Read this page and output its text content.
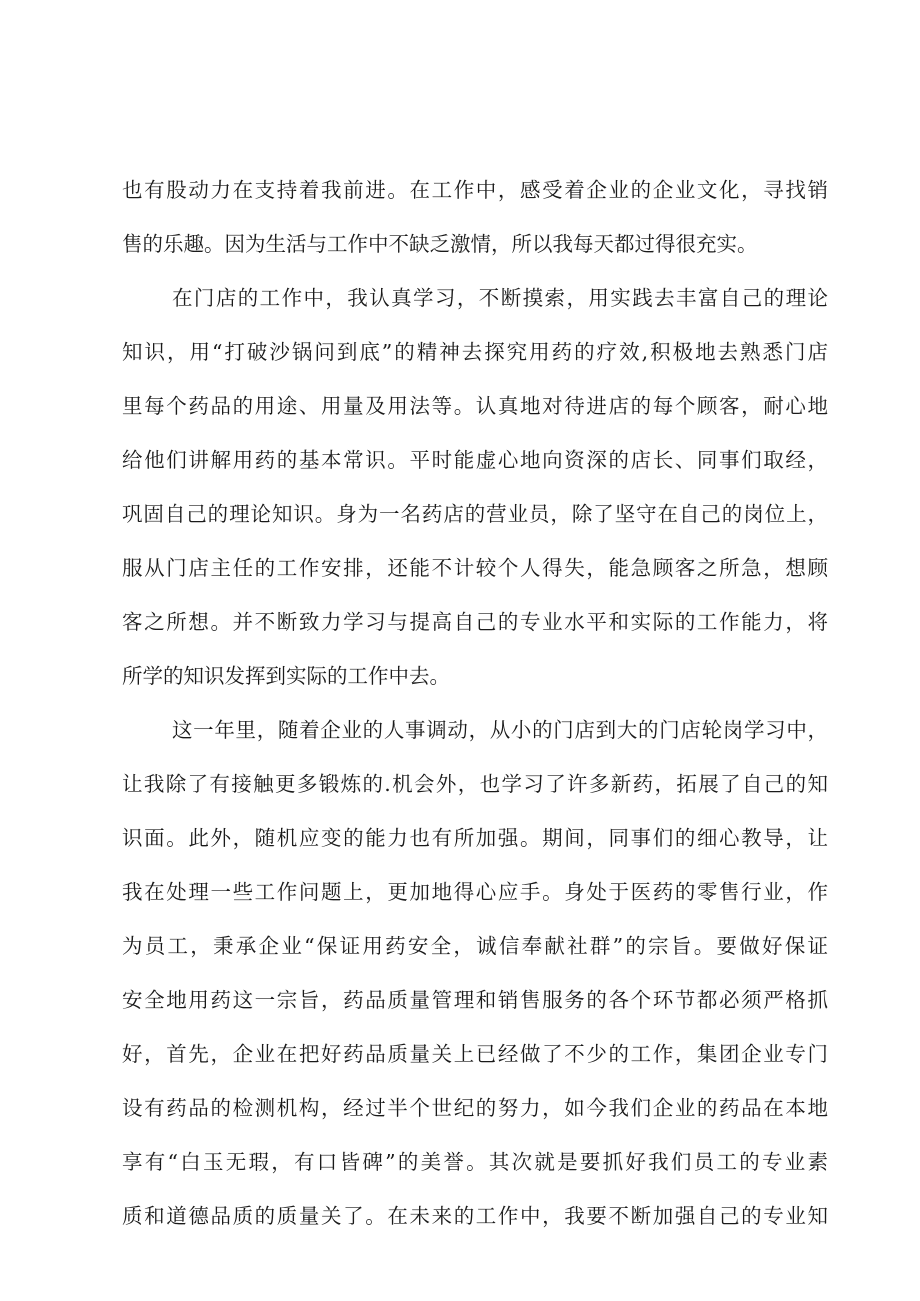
也有股动力在支持着我前进。在工作中，感受着企业的企业文化，寻找销
售的乐趣。因为生活与工作中不缺乏激情，所以我每天都过得很充实。
在门店的工作中，我认真学习，不断摸索，用实践去丰富自己的理论
知识，用“打破沙锅问到底”的精神去探究用药的疗效,积极地去熟悉门店
里每个药品的用途、用量及用法等。认真地对待进店的每个顾客，耐心地
给他们讲解用药的基本常识。平时能虚心地向资深的店长、同事们取经，
巩固自己的理论知识。身为一名药店的营业员，除了坚守在自己的岗位上，
服从门店主任的工作安排，还能不计较个人得失，能急顾客之所急，想顾
客之所想。并不断致力学习与提高自己的专业水平和实际的工作能力，将
所学的知识发挥到实际的工作中去。
这一年里，随着企业的人事调动，从小的门店到大的门店轮岗学习中，
让我除了有接触更多锻炼的.机会外，也学习了许多新药，拓展了自己的知
识面。此外，随机应变的能力也有所加强。期间，同事们的细心教导，让
我在处理一些工作问题上，更加地得心应手。身处于医药的零售行业，作
为员工，秉承企业“保证用药安全，诚信奉献社群”的宗旨。要做好保证
安全地用药这一宗旨，药品质量管理和销售服务的各个环节都必须严格抓
好，首先，企业在把好药品质量关上已经做了不少的工作，集团企业专门
设有药品的检测机构，经过半个世纪的努力，如今我们企业的药品在本地
享有“白玉无瑕，有口皆碑”的美誉。其次就是要抓好我们员工的专业素
质和道德品质的质量关了。在未来的工作中，我要不断加强自己的专业知
